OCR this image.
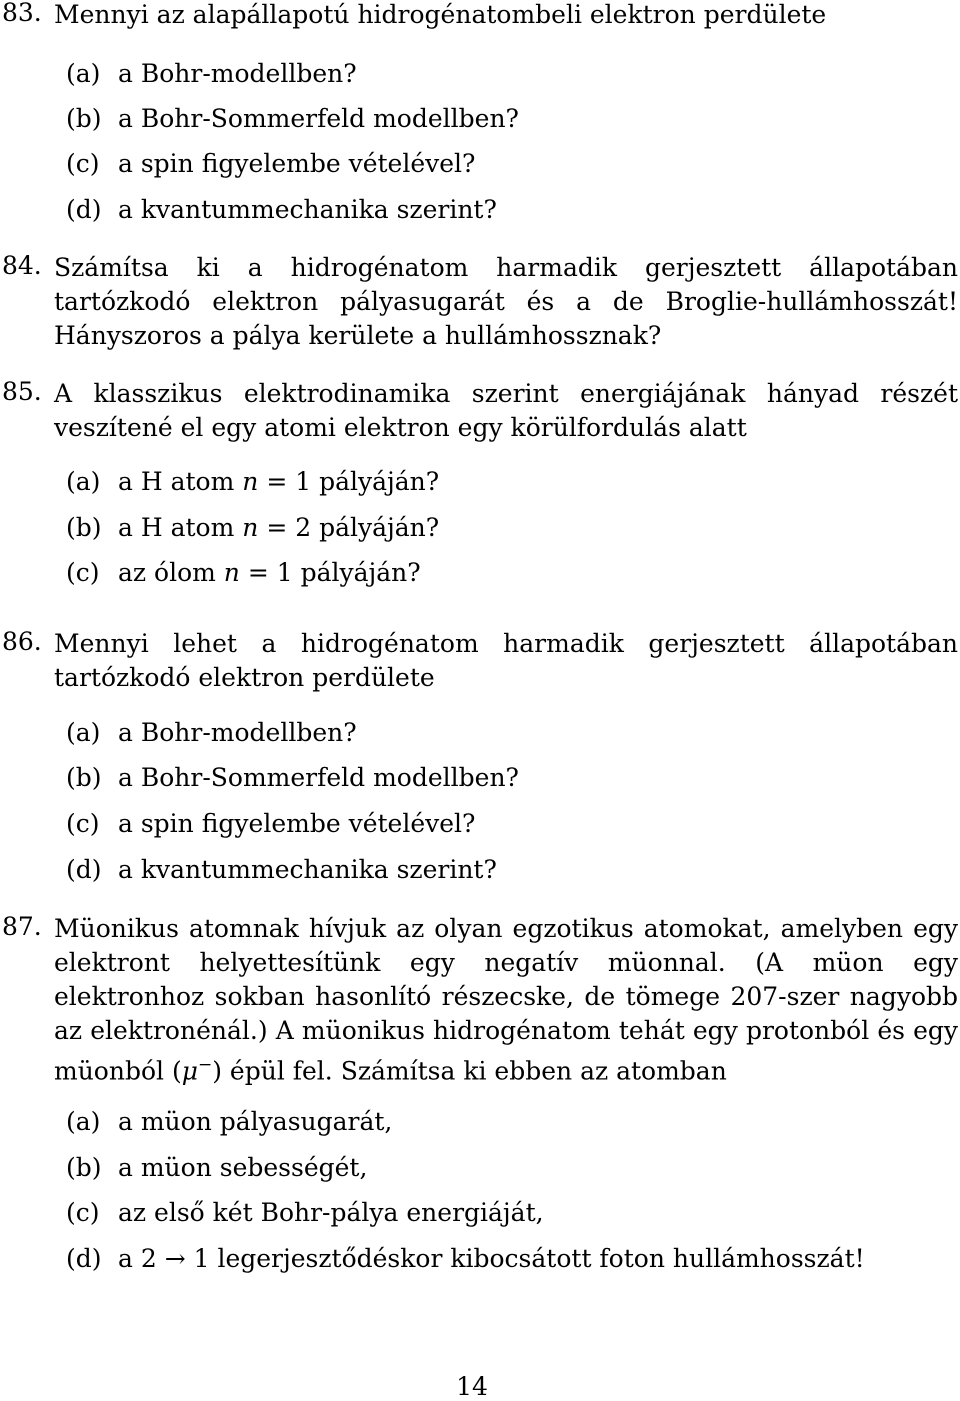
83. Mennyi az alapállapotú hidrogénatombeli elektron perdülete
(a) a Bohr-modellben?
(b) a Bohr-Sommerfeld modellben?
(c) a spin figyelembe vételével?
(d) a kvantummechanika szerint?
84. Számítsa ki a hidrogénatom harmadik gerjesztett állapotában tartózkodó elektron pályasugarát és a de Broglie-hullámhosszát! Hányszoros a pálya kerülete a hullámhossznak?
85. A klasszikus elektrodinamika szerint energiájának hányad részét veszítené el egy atomi elektron egy körülfordulás alatt
(a) a H atom n = 1 pályáján?
(b) a H atom n = 2 pályáján?
(c) az ólom n = 1 pályáján?
86. Mennyi lehet a hidrogénatom harmadik gerjesztett állapotában tartózkodó elektron perdülete
(a) a Bohr-modellben?
(b) a Bohr-Sommerfeld modellben?
(c) a spin figyelembe vételével?
(d) a kvantummechanika szerint?
87. Müonikus atomnak hívjuk az olyan egzotikus atomokat, amelyben egy elektront helyettesítünk egy negatív müonnal. (A müon egy elektronhoz sokban hasonlító részecske, de tömege 207-szer nagyobb az elektronénál.) A müonikus hidrogénatom tehát egy protonból és egy müonból (μ−) épül fel. Számítsa ki ebben az atomban
(a) a müon pályasugarát,
(b) a müon sebességét,
(c) az első két Bohr-pálya energiáját,
(d) a 2 → 1 legerjesztődéskor kibocsátott foton hullámhosszát!
14
